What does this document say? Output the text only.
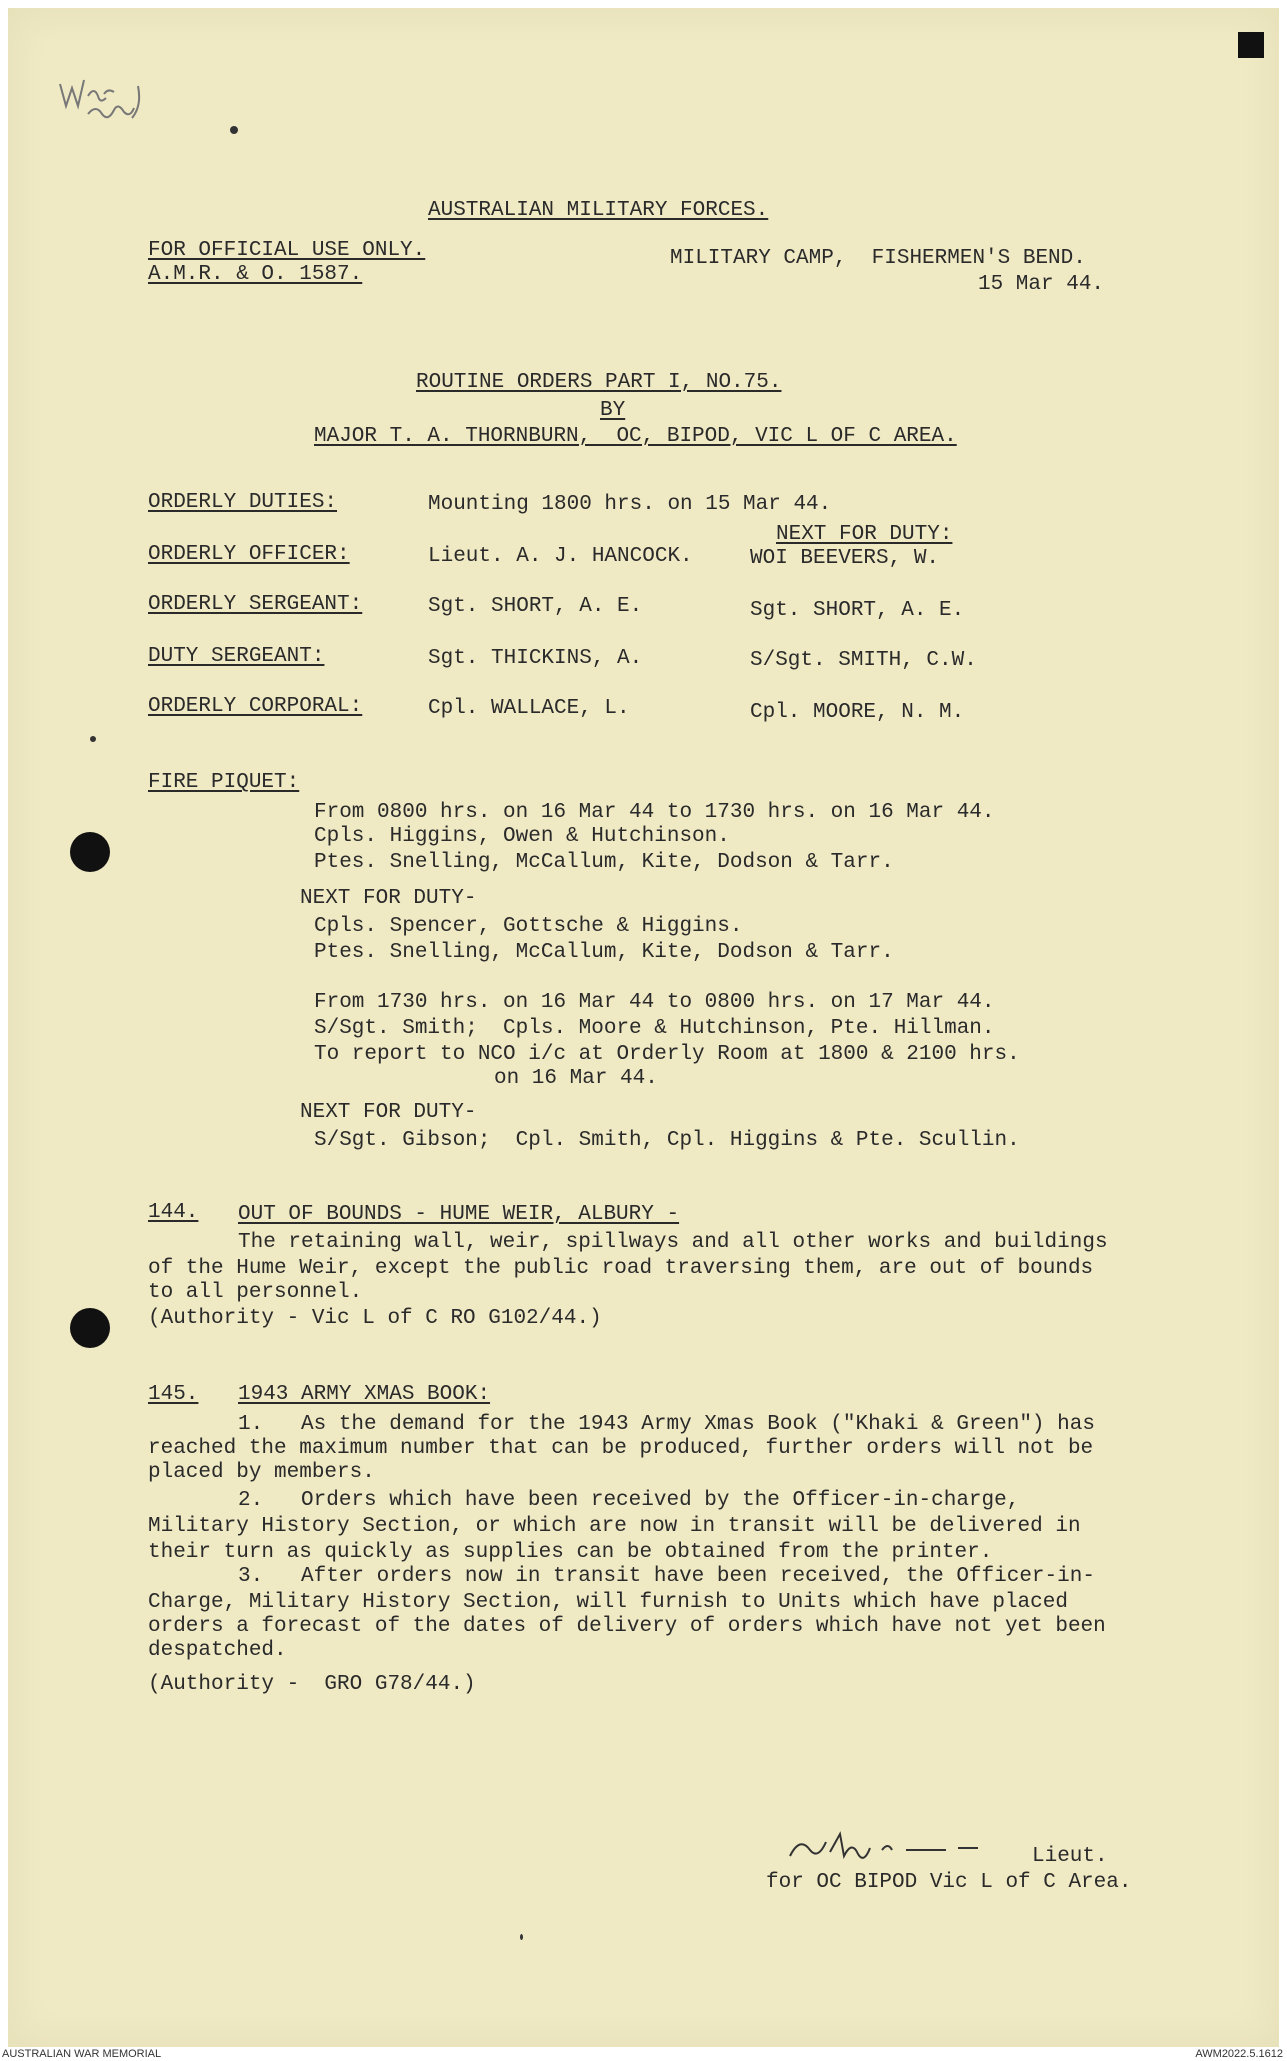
AUSTRALIAN MILITARY FORCES.
FOR OFFICIAL USE ONLY.
A.M.R. & O. 1587.
MILITARY CAMP,  FISHERMEN'S BEND.
15 Mar 44.
ROUTINE ORDERS PART I, NO.75.
BY
MAJOR T. A. THORNBURN,  OC, BIPOD, VIC L OF C AREA.
ORDERLY DUTIES:	Mounting 1800 hrs. on 15 Mar 44.
NEXT FOR DUTY:
ORDERLY OFFICER:	Lieut. A. J. HANCOCK.	WOI BEEVERS, W.
ORDERLY SERGEANT:	Sgt. SHORT, A. E.	Sgt. SHORT, A. E.
DUTY SERGEANT:	Sgt. THICKINS, A.	S/Sgt. SMITH, C.W.
ORDERLY CORPORAL:	Cpl. WALLACE, L.	Cpl. MOORE, N. M.
FIRE PIQUET:
From 0800 hrs. on 16 Mar 44 to 1730 hrs. on 16 Mar 44.
Cpls. Higgins, Owen & Hutchinson.
Ptes. Snelling, McCallum, Kite, Dodson & Tarr.
NEXT FOR DUTY-
Cpls. Spencer, Gottsche & Higgins.
Ptes. Snelling, McCallum, Kite, Dodson & Tarr.
From 1730 hrs. on 16 Mar 44 to 0800 hrs. on 17 Mar 44.
S/Sgt. Smith;  Cpls. Moore & Hutchinson, Pte. Hillman.
To report to NCO i/c at Orderly Room at 1800 & 2100 hrs.
on 16 Mar 44.
NEXT FOR DUTY-
S/Sgt. Gibson;  Cpl. Smith, Cpl. Higgins & Pte. Scullin.
144. OUT OF BOUNDS - HUME WEIR, ALBURY -
The retaining wall, weir, spillways and all other works and buildings
of the Hume Weir, except the public road traversing them, are out of bounds
to all personnel.
(Authority - Vic L of C RO G102/44.)
145. 1943 ARMY XMAS BOOK:
1.   As the demand for the 1943 Army Xmas Book ("Khaki & Green") has
reached the maximum number that can be produced, further orders will not be
placed by members.
2.   Orders which have been received by the Officer-in-charge,
Military History Section, or which are now in transit will be delivered in
their turn as quickly as supplies can be obtained from the printer.
3.   After orders now in transit have been received, the Officer-in-
Charge, Military History Section, will furnish to Units which have placed
orders a forecast of the dates of delivery of orders which have not yet been
despatched.
(Authority -  GRO G78/44.)
Lieut.
for OC BIPOD Vic L of C Area.
AUSTRALIAN WAR MEMORIAL	AWM2022.5.1612
